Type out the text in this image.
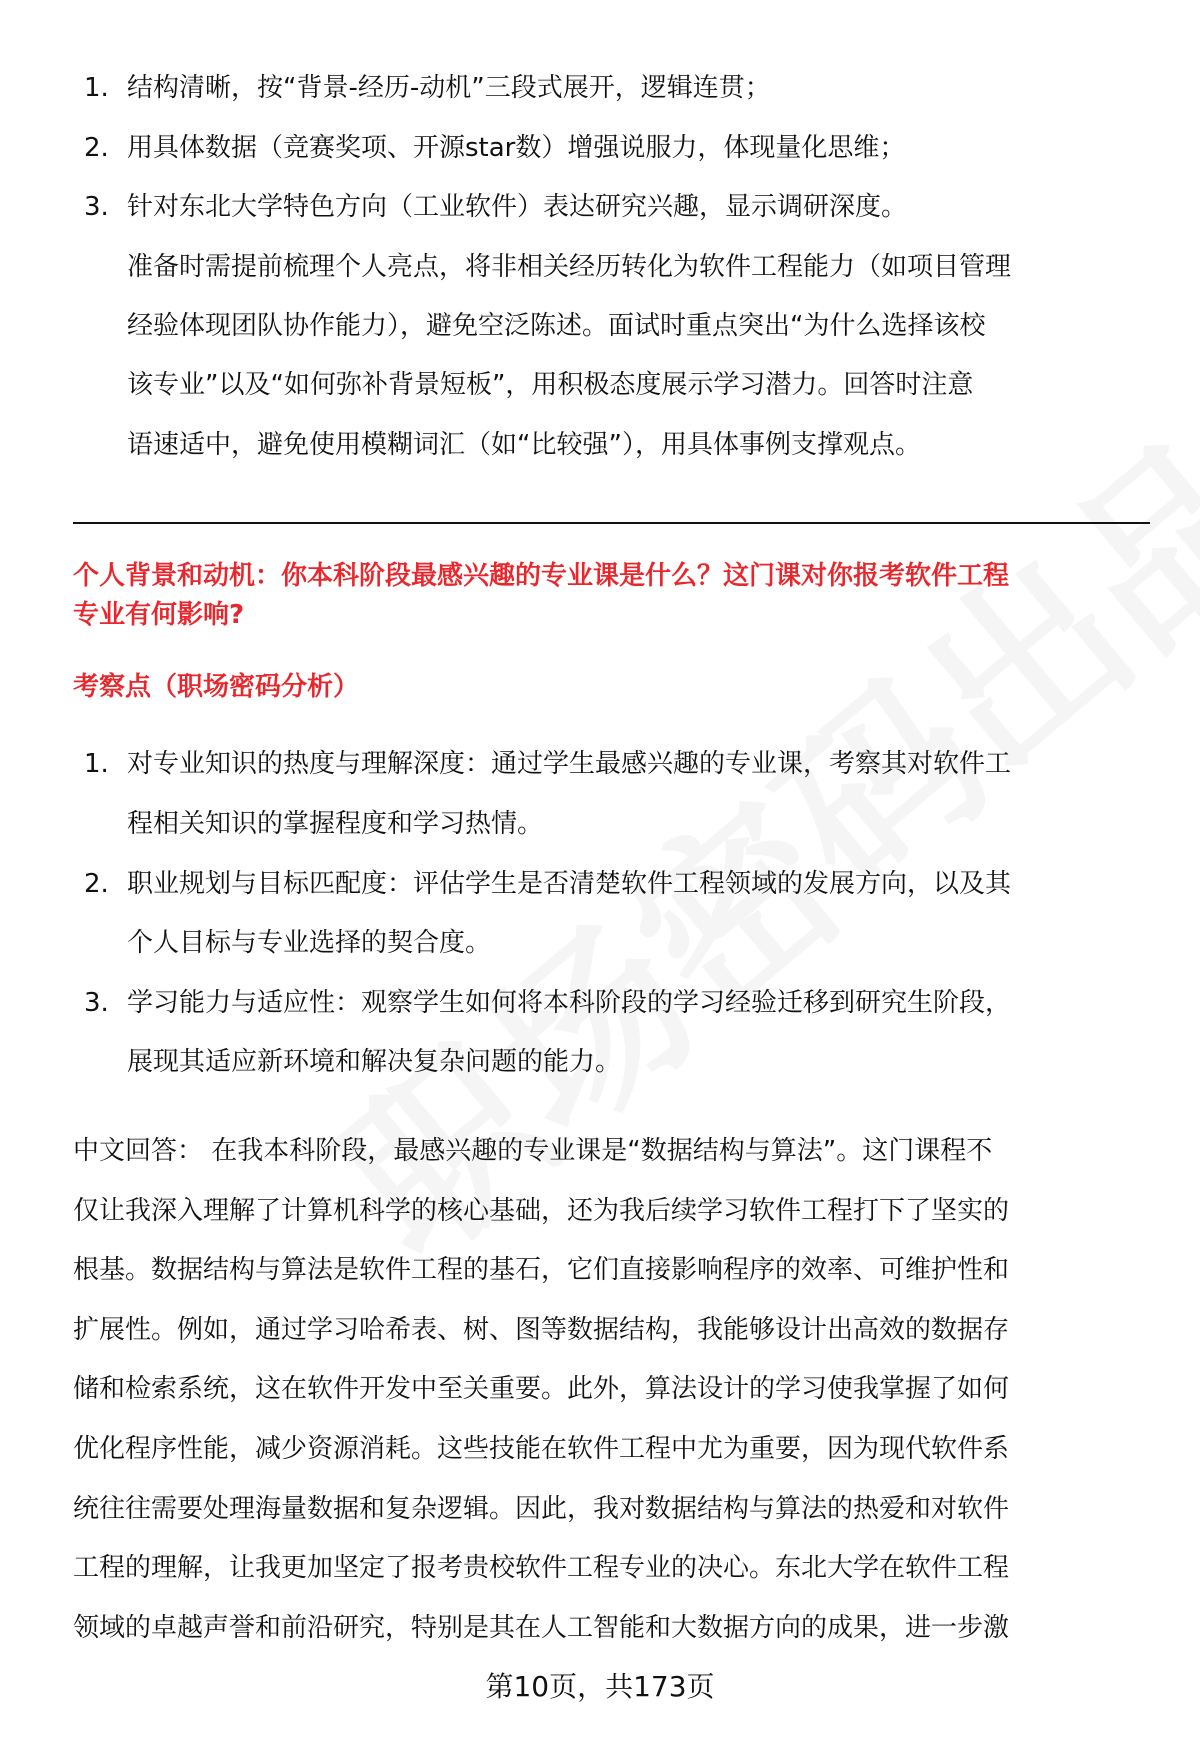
1. 结构清晰，按“背景-经历-动机”三段式展开，逻辑连贯；
2. 用具体数据（竞赛奖项、开源star数）增强说服力，体现量化思维；
3. 针对东北大学特色方向（工业软件）表达研究兴趣，显示调研深度。
准备时需提前梳理个人亮点，将非相关经历转化为软件工程能力（如项目管理
经验体现团队协作能力），避免空泛陈述。面试时重点突出“为什么选择该校
该专业”以及“如何弥补背景短板”，用积极态度展示学习潜力。回答时注意
语速适中，避免使用模糊词汇（如“比较强”），用具体事例支撑观点。
个人背景和动机：你本科阶段最感兴趣的专业课是什么？这门课对你报考软件工程
专业有何影响?
考察点（职场密码分析）
1. 对专业知识的热度与理解深度：通过学生最感兴趣的专业课，考察其对软件工
程相关知识的掌握程度和学习热情。
2. 职业规划与目标匹配度：评估学生是否清楚软件工程领域的发展方向，以及其
个人目标与专业选择的契合度。
3. 学习能力与适应性：观察学生如何将本科阶段的学习经验迁移到研究生阶段，
展现其适应新环境和解决复杂问题的能力。
中文回答： 在我本科阶段，最感兴趣的专业课是“数据结构与算法”。这门课程不
仅让我深入理解了计算机科学的核心基础，还为我后续学习软件工程打下了坚实的
根基。数据结构与算法是软件工程的基石，它们直接影响程序的效率、可维护性和
扩展性。例如，通过学习哈希表、树、图等数据结构，我能够设计出高效的数据存
储和检索系统，这在软件开发中至关重要。此外，算法设计的学习使我掌握了如何
优化程序性能，减少资源消耗。这些技能在软件工程中尤为重要，因为现代软件系
统往往需要处理海量数据和复杂逻辑。因此，我对数据结构与算法的热爱和对软件
工程的理解，让我更加坚定了报考贵校软件工程专业的决心。东北大学在软件工程
领域的卓越声誉和前沿研究，特别是其在人工智能和大数据方向的成果，进一步激
第10页，共173页
